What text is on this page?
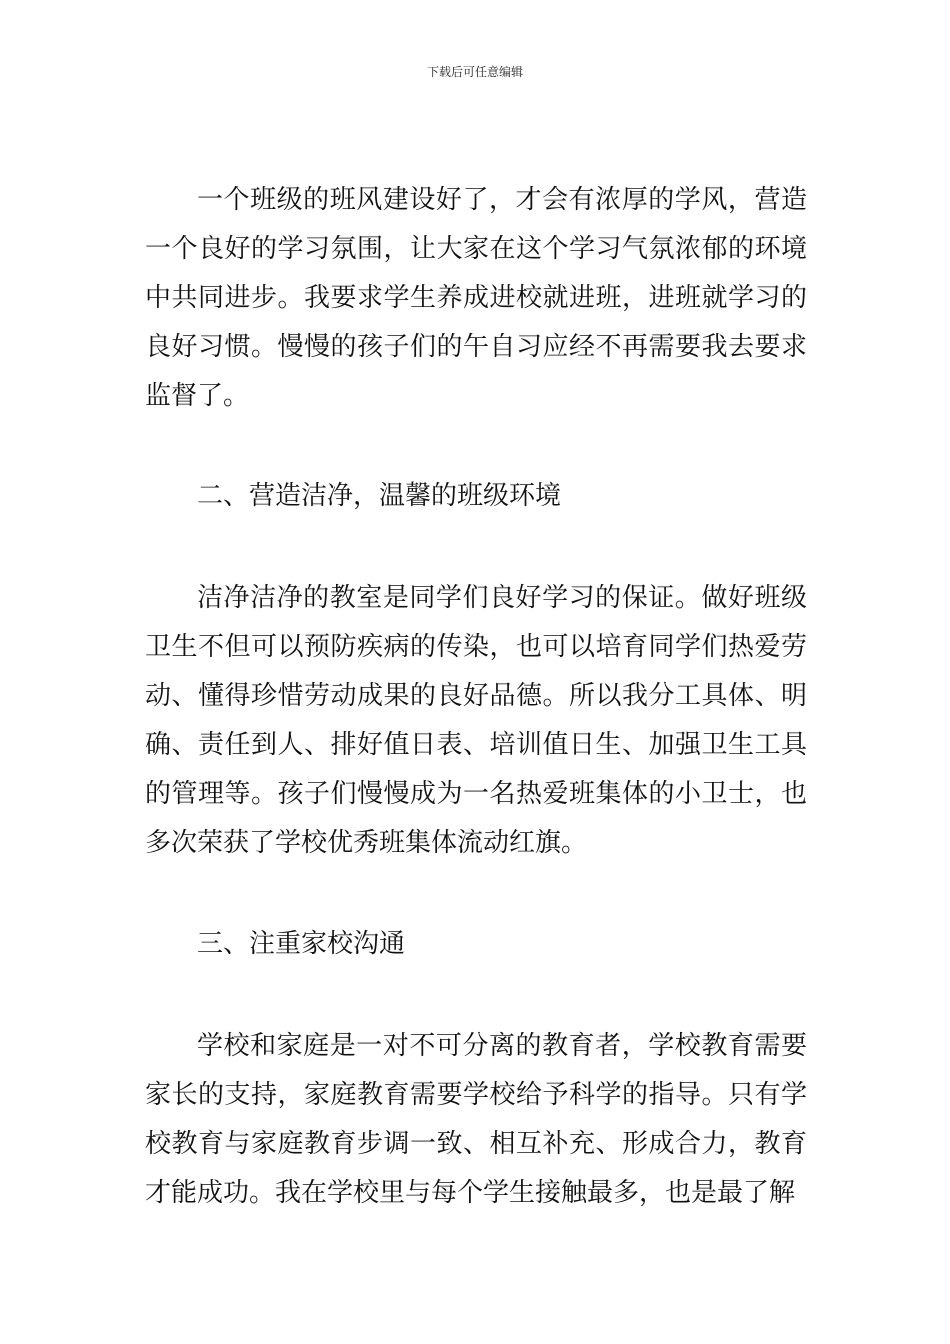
下载后可任意编辑

一个班级的班风建设好了，才会有浓厚的学风，营造一个良好的学习氛围，让大家在这个学习气氛浓郁的环境中共同进步。我要求学生养成进校就进班，进班就学习的良好习惯。慢慢的孩子们的午自习应经不再需要我去要求监督了。

二、营造洁净，温馨的班级环境

洁净洁净的教室是同学们良好学习的保证。做好班级卫生不但可以预防疾病的传染，也可以培育同学们热爱劳动、懂得珍惜劳动成果的良好品德。所以我分工具体、明确、责任到人、排好值日表、培训值日生、加强卫生工具的管理等。孩子们慢慢成为一名热爱班集体的小卫士，也多次荣获了学校优秀班集体流动红旗。

三、注重家校沟通

学校和家庭是一对不可分离的教育者，学校教育需要家长的支持，家庭教育需要学校给予科学的指导。只有学校教育与家庭教育步调一致、相互补充、形成合力，教育才能成功。我在学校里与每个学生接触最多，也是最了解
